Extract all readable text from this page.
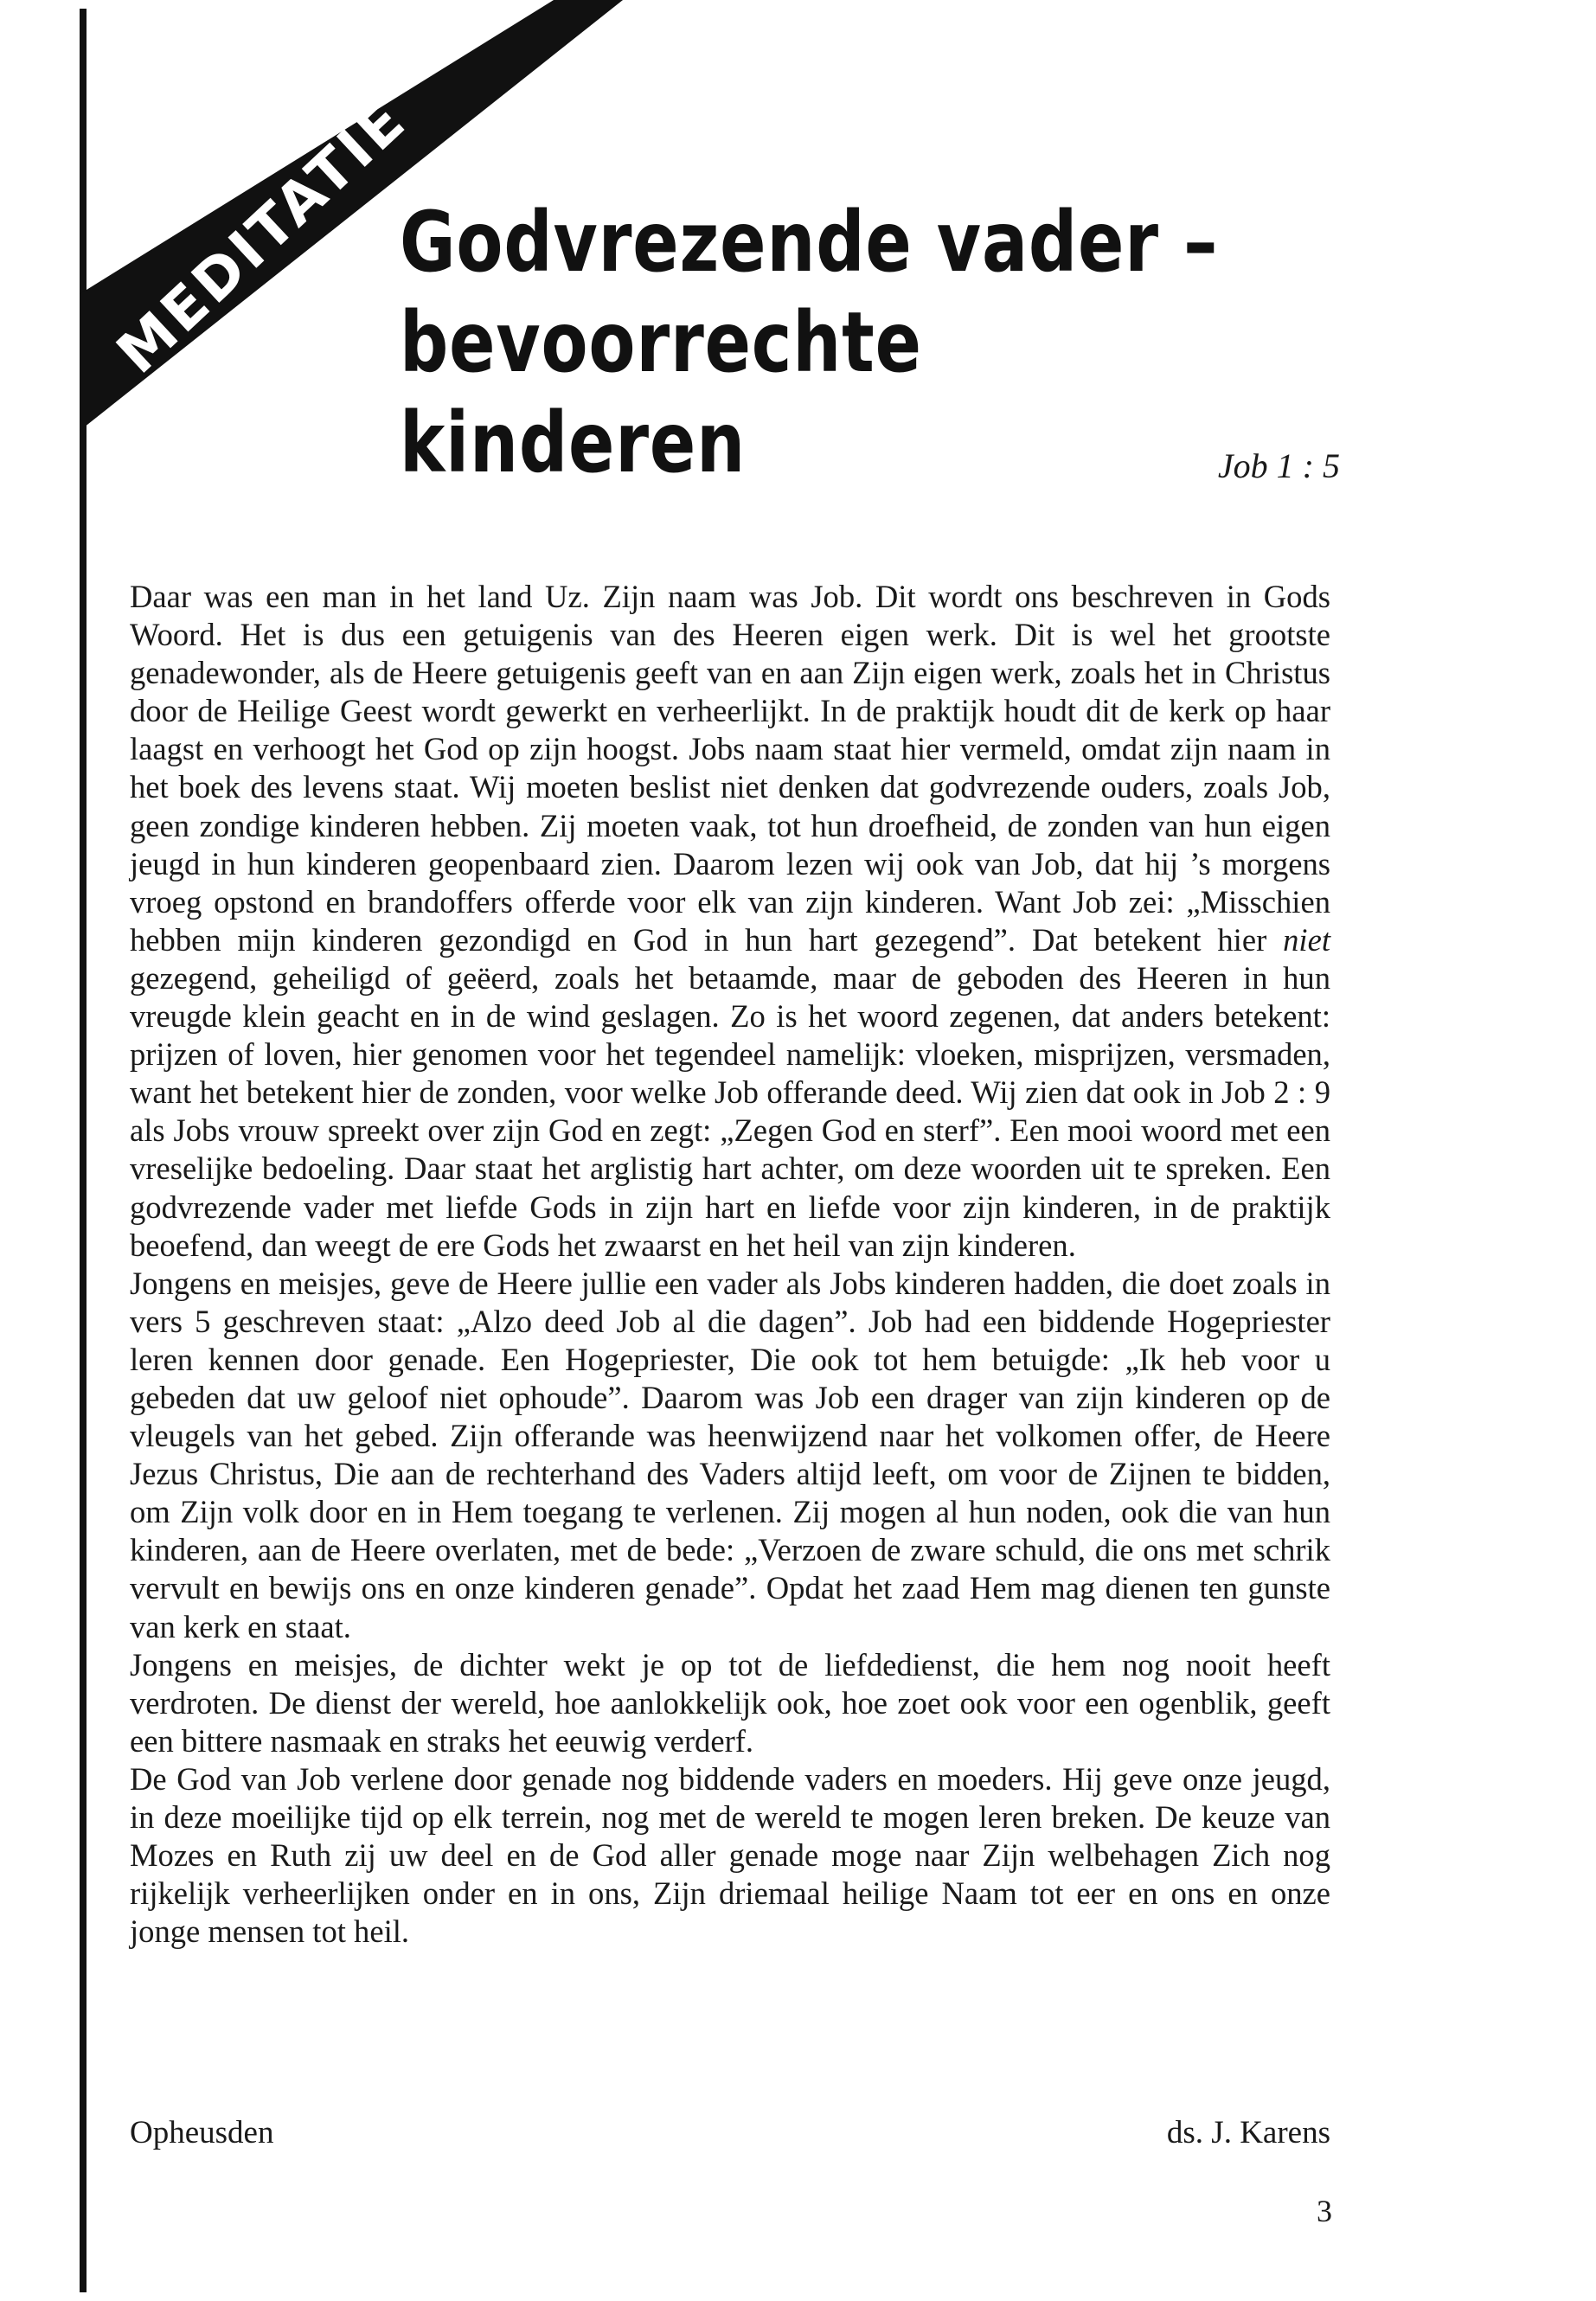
MEDITATIE
Godvrezende vader –
bevoorrechte kinderen	Job 1 : 5

Daar was een man in het land Uz. Zijn naam was Job. Dit wordt ons beschreven in Gods Woord. Het is dus een getuigenis van des Heeren eigen werk. Dit is wel het grootste genadewonder, als de Heere getuigenis geeft van en aan Zijn eigen werk, zoals het in Christus door de Heilige Geest wordt gewerkt en verheerlijkt. In de praktijk houdt dit de kerk op haar laagst en verhoogt het God op zijn hoogst. Jobs naam staat hier vermeld, omdat zijn naam in het boek des levens staat. Wij moeten beslist niet denken dat godvrezende ouders, zoals Job, geen zondige kinderen hebben. Zij moeten vaak, tot hun droefheid, de zonden van hun eigen jeugd in hun kinderen geopenbaard zien. Daarom lezen wij ook van Job, dat hij ’s morgens vroeg opstond en brandoffers offerde voor elk van zijn kinderen. Want Job zei: „Misschien hebben mijn kinderen gezondigd en God in hun hart gezegend”. Dat betekent hier niet gezegend, geheiligd of geëerd, zoals het betaamde, maar de geboden des Heeren in hun vreugde klein geacht en in de wind geslagen. Zo is het woord zegenen, dat anders betekent: prijzen of loven, hier genomen voor het tegendeel namelijk: vloeken, misprijzen, versmaden, want het betekent hier de zonden, voor welke Job offerande deed. Wij zien dat ook in Job 2 : 9 als Jobs vrouw spreekt over zijn God en zegt: „Zegen God en sterf”. Een mooi woord met een vreselijke bedoeling. Daar staat het arglistig hart achter, om deze woorden uit te spreken. Een godvrezende vader met liefde Gods in zijn hart en liefde voor zijn kinderen, in de praktijk beoefend, dan weegt de ere Gods het zwaarst en het heil van zijn kinderen.

Jongens en meisjes, geve de Heere jullie een vader als Jobs kinderen hadden, die doet zoals in vers 5 geschreven staat: „Alzo deed Job al die dagen”. Job had een biddende Hogepriester leren kennen door genade. Een Hogepriester, Die ook tot hem betuigde: „Ik heb voor u gebeden dat uw geloof niet ophoude”. Daarom was Job een drager van zijn kinderen op de vleugels van het gebed. Zijn offerande was heenwijzend naar het volkomen offer, de Heere Jezus Christus, Die aan de rechterhand des Vaders altijd leeft, om voor de Zijnen te bidden, om Zijn volk door en in Hem toegang te verlenen. Zij mogen al hun noden, ook die van hun kinderen, aan de Heere overlaten, met de bede: „Verzoen de zware schuld, die ons met schrik vervult en bewijs ons en onze kinderen genade”. Opdat het zaad Hem mag dienen ten gunste van kerk en staat.

Jongens en meisjes, de dichter wekt je op tot de liefdedienst, die hem nog nooit heeft verdroten. De dienst der wereld, hoe aanlokkelijk ook, hoe zoet ook voor een ogenblik, geeft een bittere nasmaak en straks het eeuwig verderf.

De God van Job verlene door genade nog biddende vaders en moeders. Hij geve onze jeugd, in deze moeilijke tijd op elk terrein, nog met de wereld te mogen leren breken. De keuze van Mozes en Ruth zij uw deel en de God aller genade moge naar Zijn welbehagen Zich nog rijkelijk verheerlijken onder en in ons, Zijn driemaal heilige Naam tot eer en ons en onze jonge mensen tot heil.

Opheusden	ds. J. Karens
3
